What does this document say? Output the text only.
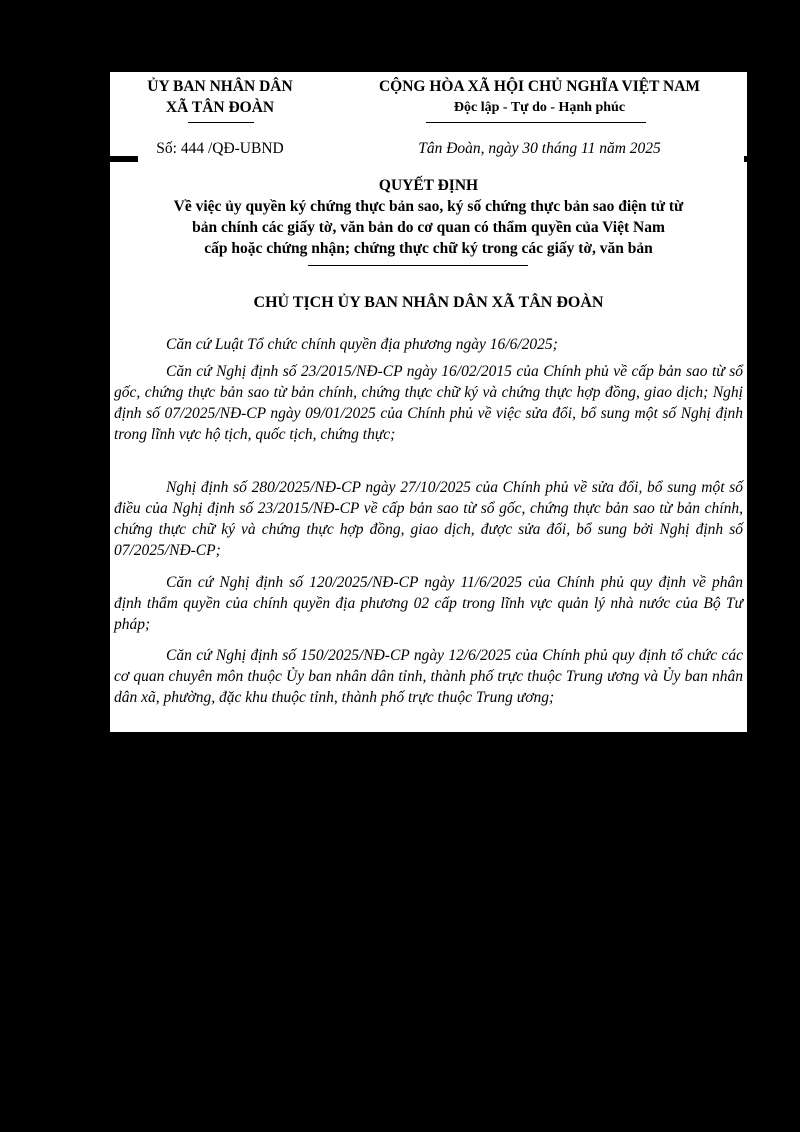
ỦY BAN NHÂN DÂN
XÃ TÂN ĐOÀN
CỘNG HÒA XÃ HỘI CHỦ NGHĨA VIỆT NAM
Độc lập - Tự do - Hạnh phúc
Số: 444 /QĐ-UBND	Tân Đoàn, ngày 30 tháng 11 năm 2025
QUYẾT ĐỊNH
Về việc ủy quyền ký chứng thực bản sao, ký số chứng thực bản sao điện tử từ
bản chính các giấy tờ, văn bản do cơ quan có thẩm quyền của Việt Nam
cấp hoặc chứng nhận; chứng thực chữ ký trong các giấy tờ, văn bản
CHỦ TỊCH ỦY BAN NHÂN DÂN XÃ TÂN ĐOÀN

Căn cứ Luật Tổ chức chính quyền địa phương ngày 16/6/2025;

Căn cứ Nghị định số 23/2015/NĐ-CP ngày 16/02/2015 của Chính phủ về cấp bản sao từ sổ gốc, chứng thực bản sao từ bản chính, chứng thực chữ ký và chứng thực hợp đồng, giao dịch; Nghị định số 07/2025/NĐ-CP ngày 09/01/2025 của Chính phủ về việc sửa đổi, bổ sung một số Nghị định trong lĩnh vực hộ tịch, quốc tịch, chứng thực;

Nghị định số 280/2025/NĐ-CP ngày 27/10/2025 của Chính phủ về sửa đổi, bổ sung một số điều của Nghị định số 23/2015/NĐ-CP về cấp bản sao từ sổ gốc, chứng thực bản sao từ bản chính, chứng thực chữ ký và chứng thực hợp đồng, giao dịch, được sửa đổi, bổ sung bởi Nghị định số 07/2025/NĐ-CP;

Căn cứ Nghị định số 120/2025/NĐ-CP ngày 11/6/2025 của Chính phủ quy định về phân định thẩm quyền của chính quyền địa phương 02 cấp trong lĩnh vực quản lý nhà nước của Bộ Tư pháp;

Căn cứ Nghị định số 150/2025/NĐ-CP ngày 12/6/2025 của Chính phủ quy định tổ chức các cơ quan chuyên môn thuộc Ủy ban nhân dân tỉnh, thành phố trực thuộc Trung ương và Ủy ban nhân dân xã, phường, đặc khu thuộc tỉnh, thành phố trực thuộc Trung ương;
